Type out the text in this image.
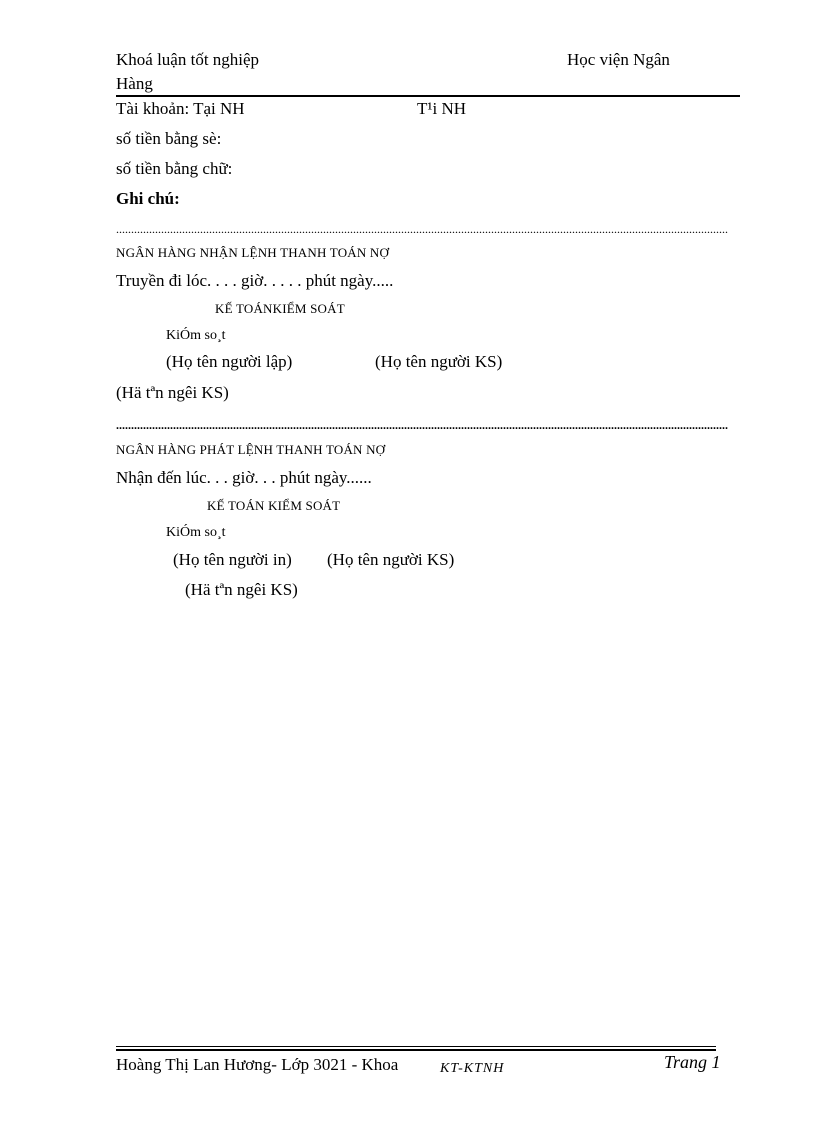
Khoá luận tốt nghiệp	Học viện Ngân
Hàng
Tài khoản: Tại NH	T¹i NH
số tiền bằng sè:
số tiền bằng chữ:
Ghi chú:
............................................................................................................................................................................................................
NGÂN HÀNG NHẬN LỆNH THANH TOÁN NỢ
Truyền đi lóc. . . . giờ. . . . . phút ngày.....
KẾ TOÁNKIỂM SOÁT
KiÓm so¸t
(Họ tên người lập)	(Họ tên người KS)
(Hä tªn ngêi KS)
............................................................................................................................................................................................................
NGÂN HÀNG PHÁT LỆNH THANH TOÁN NỢ
Nhận đến lúc. . . giờ. . . phút ngày......
KẾ TOÁN KIỂM SOÁT
KiÓm so¸t
(Họ tên người in) (Họ tên người KS)
(Hä tªn ngêi KS)
Hoàng Thị Lan Hương- Lớp 3021 - Khoa	KT-KTNH	Trang 1
